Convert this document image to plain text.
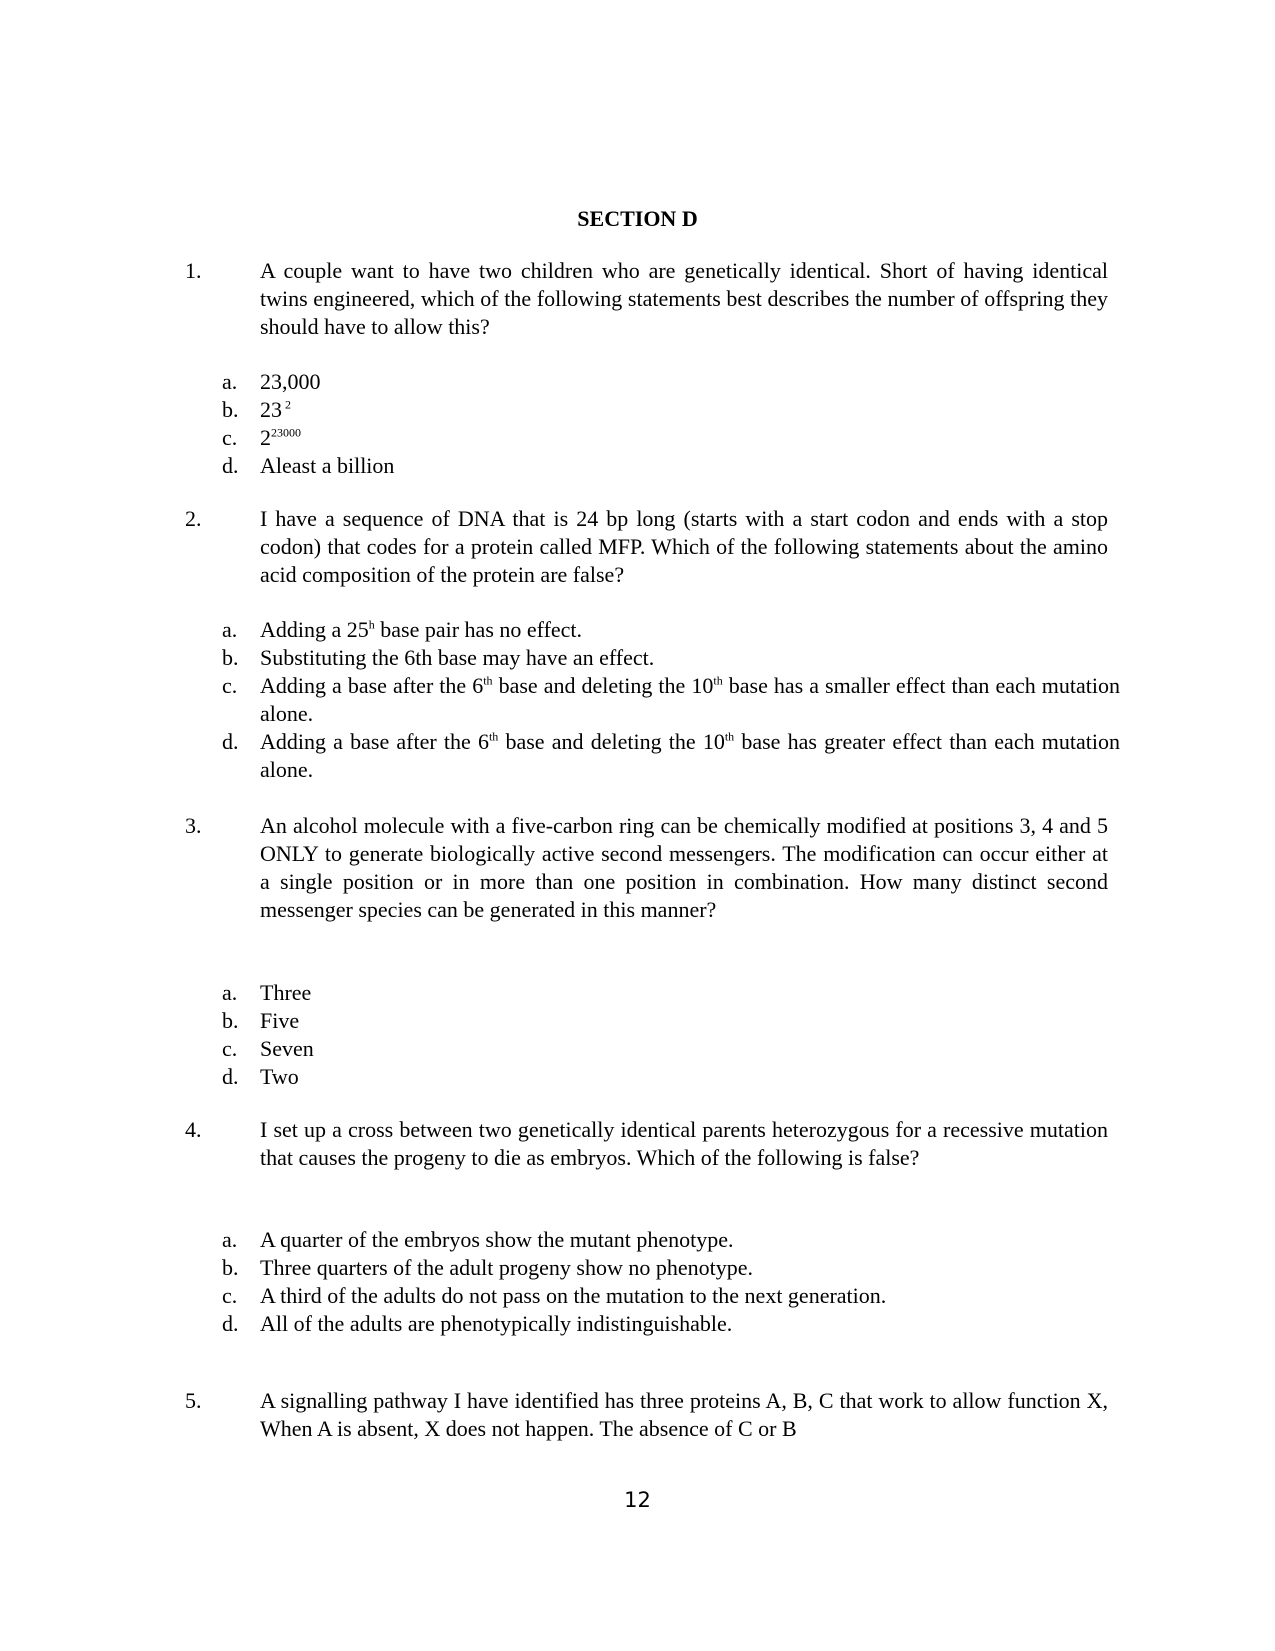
SECTION D
1.	A couple want to have two children who are genetically identical. Short of having identical twins engineered, which of the following statements best describes the number of offspring they should have to allow this?
a. 23,000
b. 23 $^2$
c. $2^{23000}$
d. Aleast a billion
2.	I have a sequence of DNA that is 24 bp long (starts with a start codon and ends with a stop codon) that codes for a protein called MFP. Which of the following statements about the amino acid composition of the protein are false?
a. Adding a 25$^h$ base pair has no effect.
b. Substituting the 6th base may have an effect.
c. Adding a base after the 6th base and deleting the 10th base has a smaller effect than each mutation alone.
d. Adding a base after the 6th base and deleting the 10th base has greater effect than each mutation alone.
3.	An alcohol molecule with a five-carbon ring can be chemically modified at positions 3, 4 and 5 ONLY to generate biologically active second messengers. The modification can occur either at a single position or in more than one position in combination. How many distinct second messenger species can be generated in this manner?
a. Three
b. Five
c. Seven
d. Two
4.	I set up a cross between two genetically identical parents heterozygous for a recessive mutation that causes the progeny to die as embryos. Which of the following is false?
a. A quarter of the embryos show the mutant phenotype.
b. Three quarters of the adult progeny show no phenotype.
c. A third of the adults do not pass on the mutation to the next generation.
d. All of the adults are phenotypically indistinguishable.
5.	A signalling pathway I have identified has three proteins A, B, C that work to allow function X, When A is absent, X does not happen. The absence of C or B
12
